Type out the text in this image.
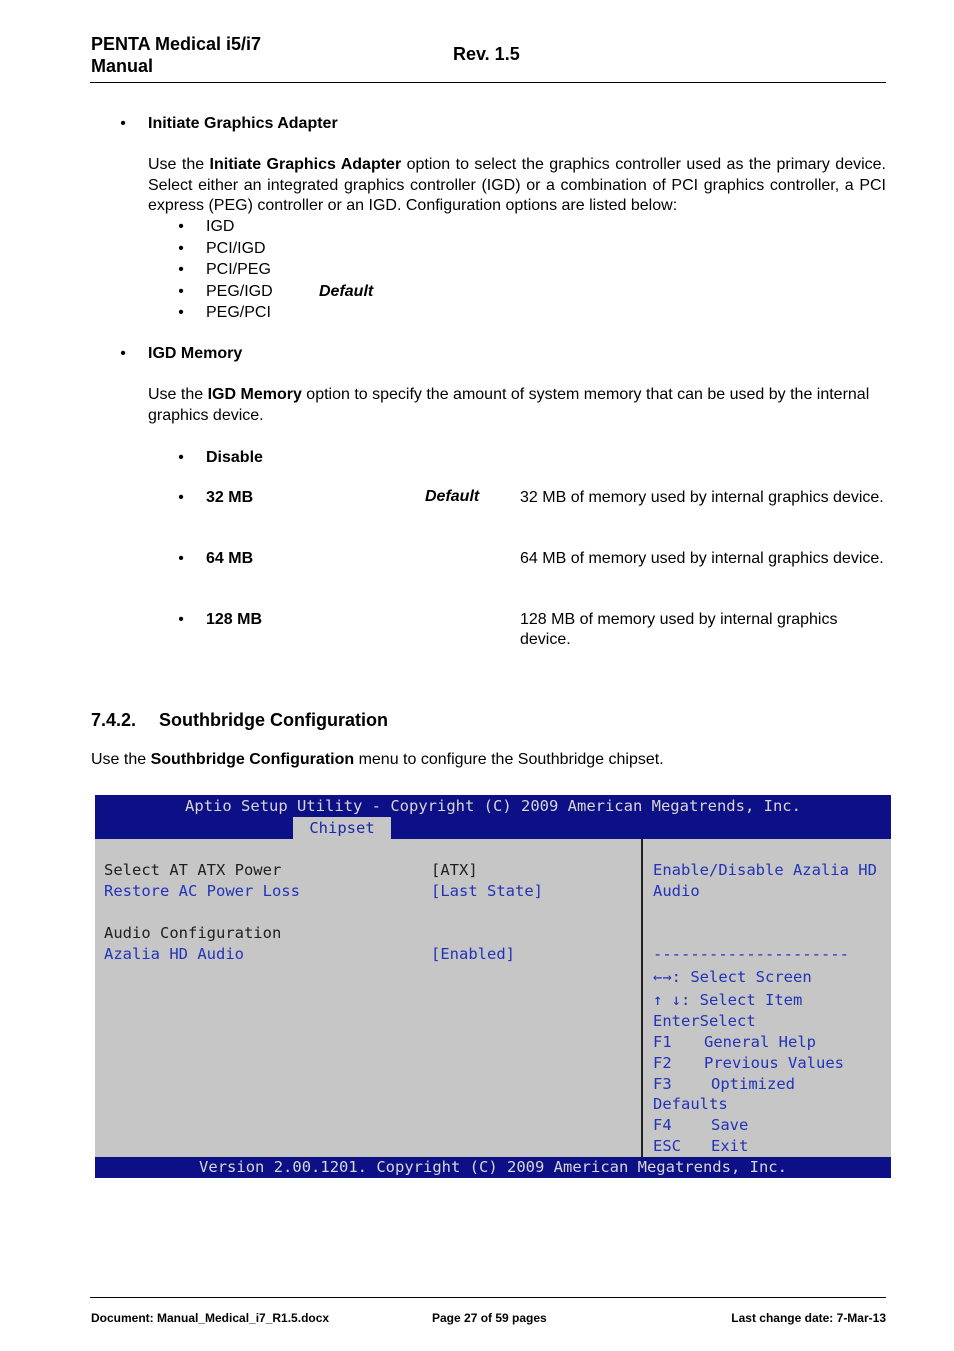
PENTA Medical i5/i7
Manual
Rev. 1.5
• Initiate Graphics Adapter

Use the Initiate Graphics Adapter option to select the graphics controller used as the primary device. Select either an integrated graphics controller (IGD) or a combination of PCI graphics controller, a PCI express (PEG) controller or an IGD. Configuration options are listed below:

• IGD
• PCI/IGD
• PCI/PEG
• PEG/IGD	Default
• PEG/PCI
• IGD Memory

Use the IGD Memory option to specify the amount of system memory that can be used by the internal graphics device.

• Disable
• 32 MB	Default	32 MB of memory used by internal graphics device.
• 64 MB	64 MB of memory used by internal graphics device.
• 128 MB	128 MB of memory used by internal graphics device.
7.4.2. Southbridge Configuration
Use the Southbridge Configuration menu to configure the Southbridge chipset.
Aptio Setup Utility - Copyright (C) 2009 American Megatrends, Inc.
Chipset
Select AT ATX Power	[ATX]
Restore AC Power Loss	[Last State]
Audio Configuration
Azalia HD Audio	[Enabled]
Enable/Disable Azalia HD
Audio
---------------------
←→: Select Screen
↑ ↓: Select Item
EnterSelect
F1 General Help
F2 Previous Values
F3	Optimized
Defaults
F4	Save
ESC Exit
Version 2.00.1201. Copyright (C) 2009 American Megatrends, Inc.
Document: Manual_Medical_i7_R1.5.docx	Page 27 of 59 pages	Last change date: 7-Mar-13
